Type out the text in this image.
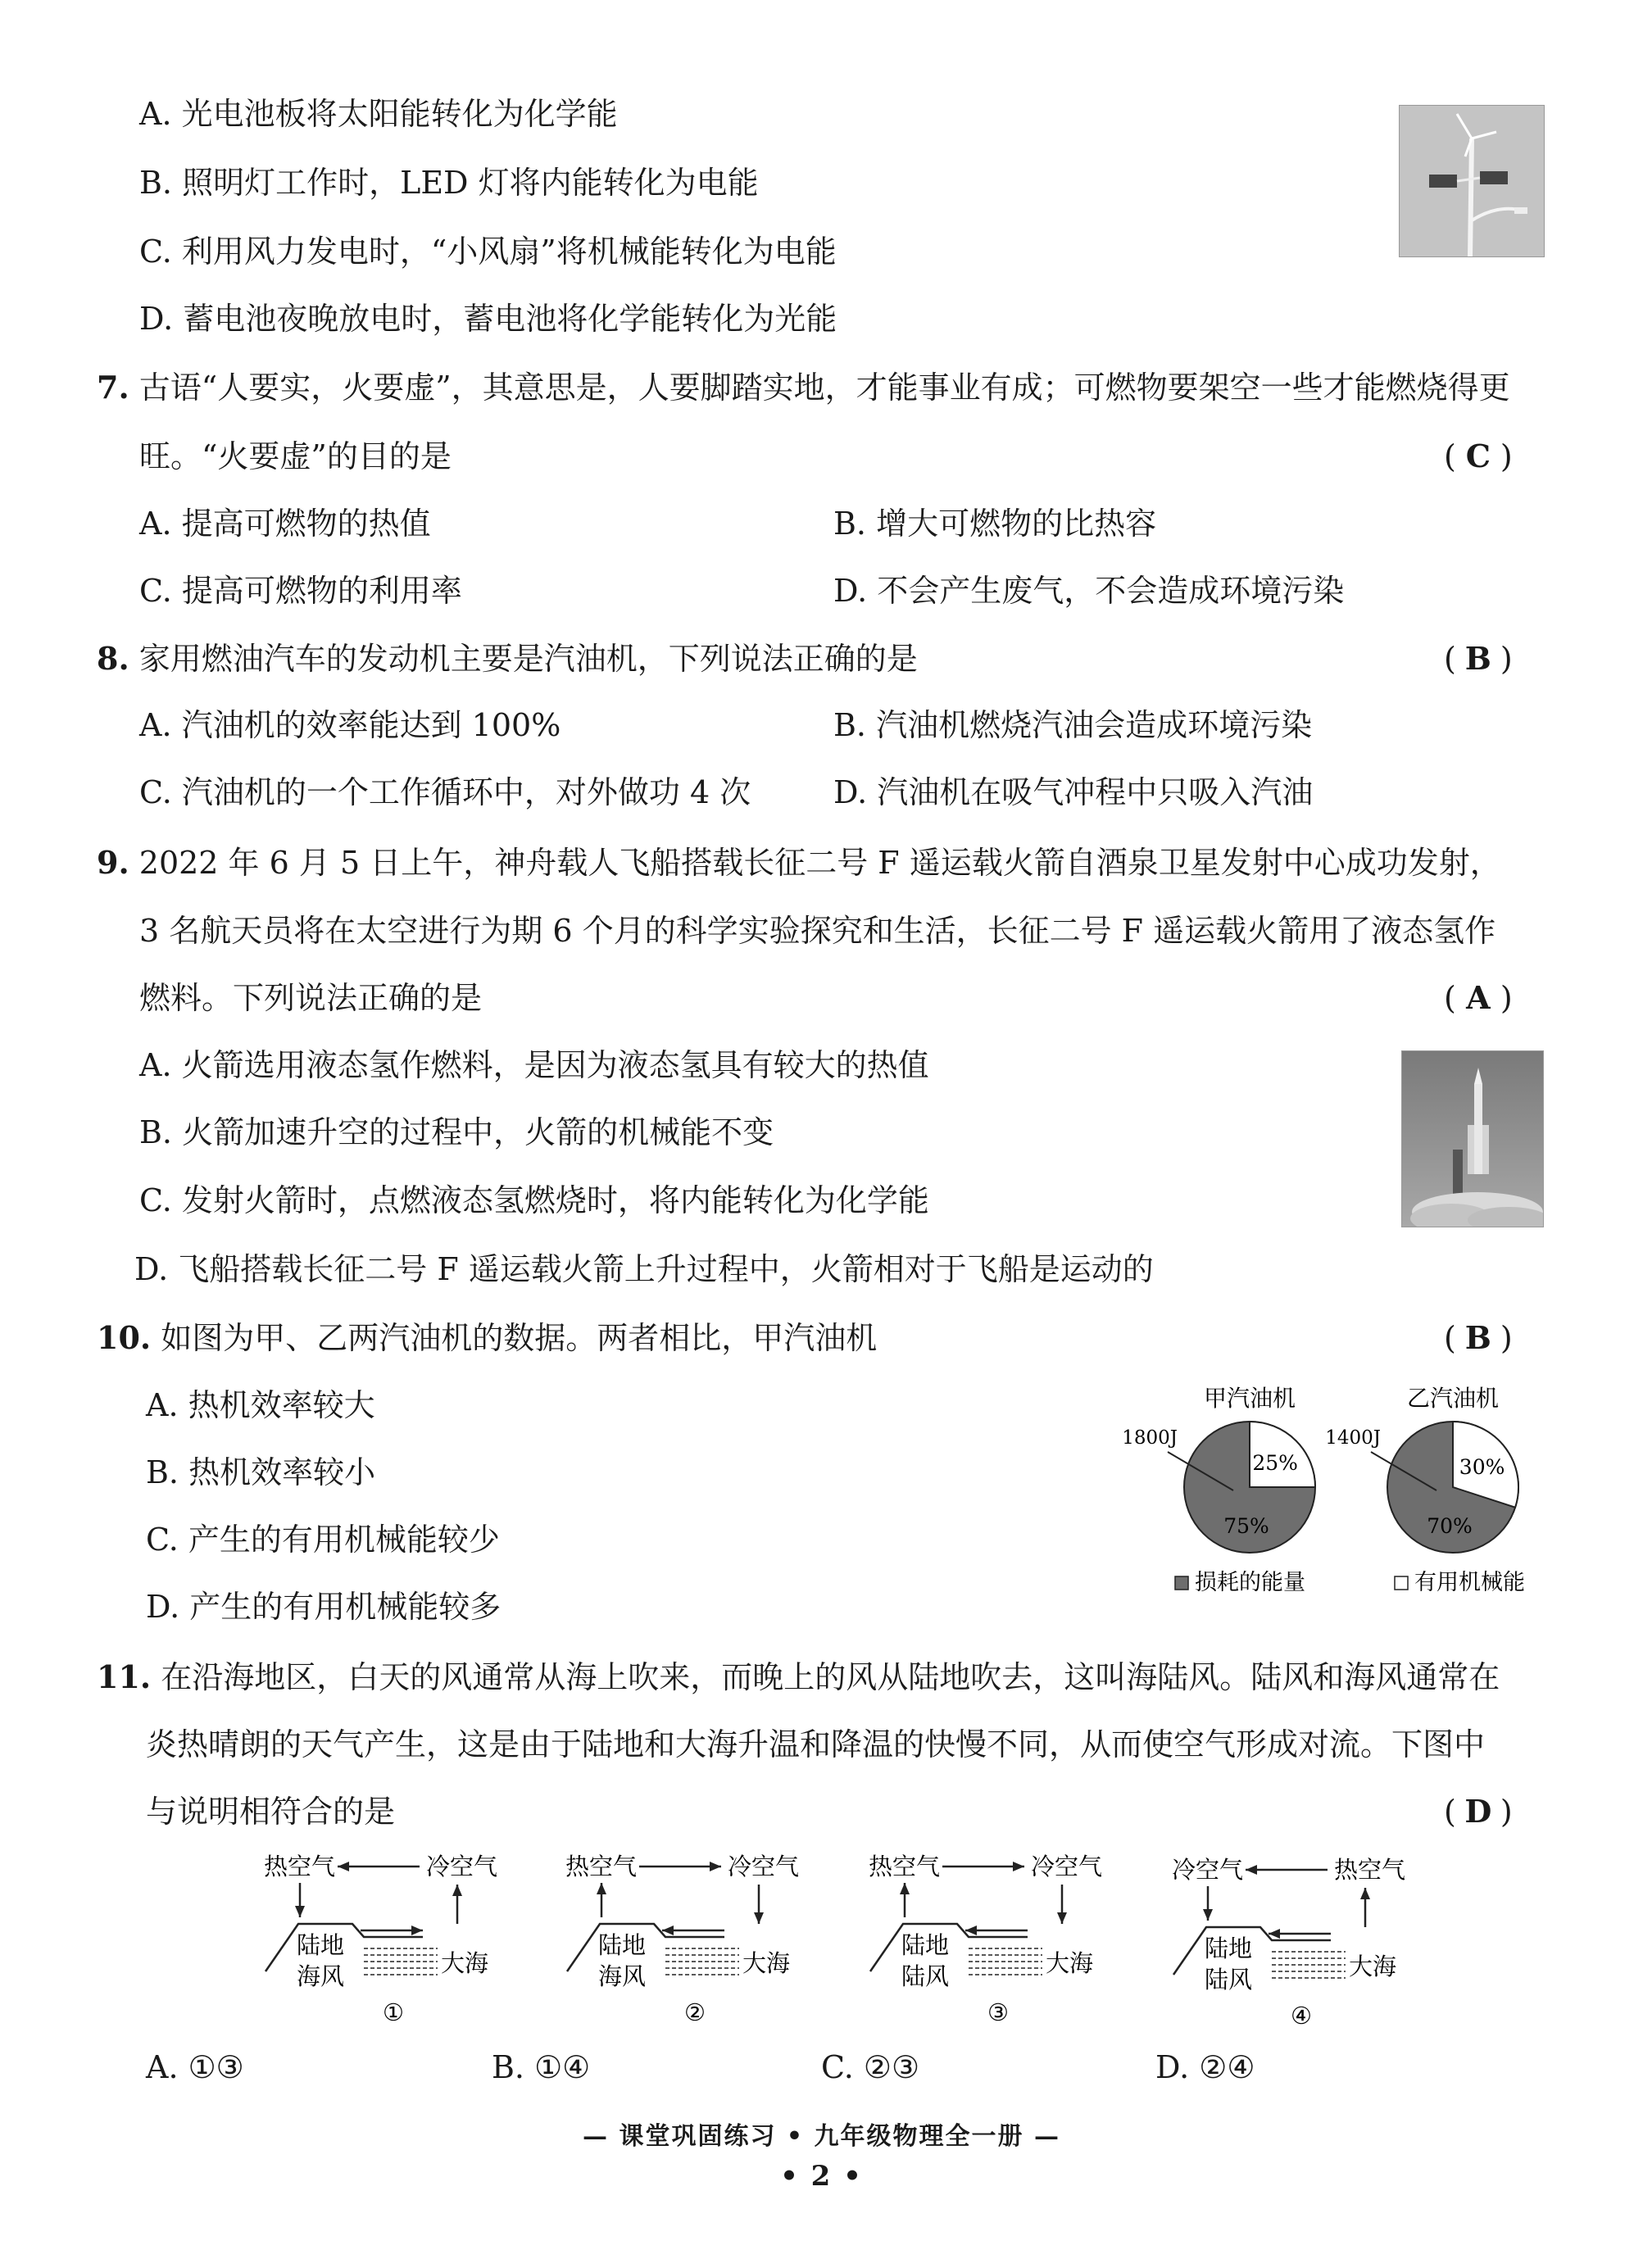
A. 光电池板将太阳能转化为化学能
B. 照明灯工作时，LED 灯将内能转化为电能
C. 利用风力发电时，“小风扇”将机械能转化为电能
D. 蓄电池夜晚放电时，蓄电池将化学能转化为光能
7. 古语“人要实，火要虚”，其意思是，人要脚踏实地，才能事业有成；可燃物要架空一些才能燃烧得更
旺。“火要虚”的目的是	( C )
A. 提高可燃物的热值	B. 增大可燃物的比热容
C. 提高可燃物的利用率	D. 不会产生废气，不会造成环境污染
8. 家用燃油汽车的发动机主要是汽油机，下列说法正确的是	( B )
A. 汽油机的效率能达到 100%	B. 汽油机燃烧汽油会造成环境污染
C. 汽油机的一个工作循环中，对外做功 4 次	D. 汽油机在吸气冲程中只吸入汽油
9. 2022 年 6 月 5 日上午，神舟载人飞船搭载长征二号 F 遥运载火箭自酒泉卫星发射中心成功发射，
3 名航天员将在太空进行为期 6 个月的科学实验探究和生活，长征二号 F 遥运载火箭用了液态氢作
燃料。下列说法正确的是	( A )
A. 火箭选用液态氢作燃料，是因为液态氢具有较大的热值
B. 火箭加速升空的过程中，火箭的机械能不变
C. 发射火箭时，点燃液态氢燃烧时，将内能转化为化学能
D. 飞船搭载长征二号 F 遥运载火箭上升过程中，火箭相对于飞船是运动的
10. 如图为甲、乙两汽油机的数据。两者相比，甲汽油机	( B )
A. 热机效率较大
B. 热机效率较小
C. 产生的有用机械能较少
D. 产生的有用机械能较多
甲汽油机
25%
75%
1800J
乙汽油机
30%
70%
1400J
损耗的能量	有用机械能
11. 在沿海地区，白天的风通常从海上吹来，而晚上的风从陆地吹去，这叫海陆风。陆风和海风通常在
炎热晴朗的天气产生，这是由于陆地和大海升温和降温的快慢不同，从而使空气形成对流。下图中
与说明相符合的是	( D )
热空气	冷空气
陆地
海风	大海
①
热空气	冷空气
陆地
海风	大海
②
热空气	冷空气
陆地
陆风	大海
③
冷空气	热空气
陆地
陆风	大海
④
A. ①③	B. ①④	C. ②③	D. ②④
— 课堂巩固练习 • 九年级物理全一册 —
• 2 •
